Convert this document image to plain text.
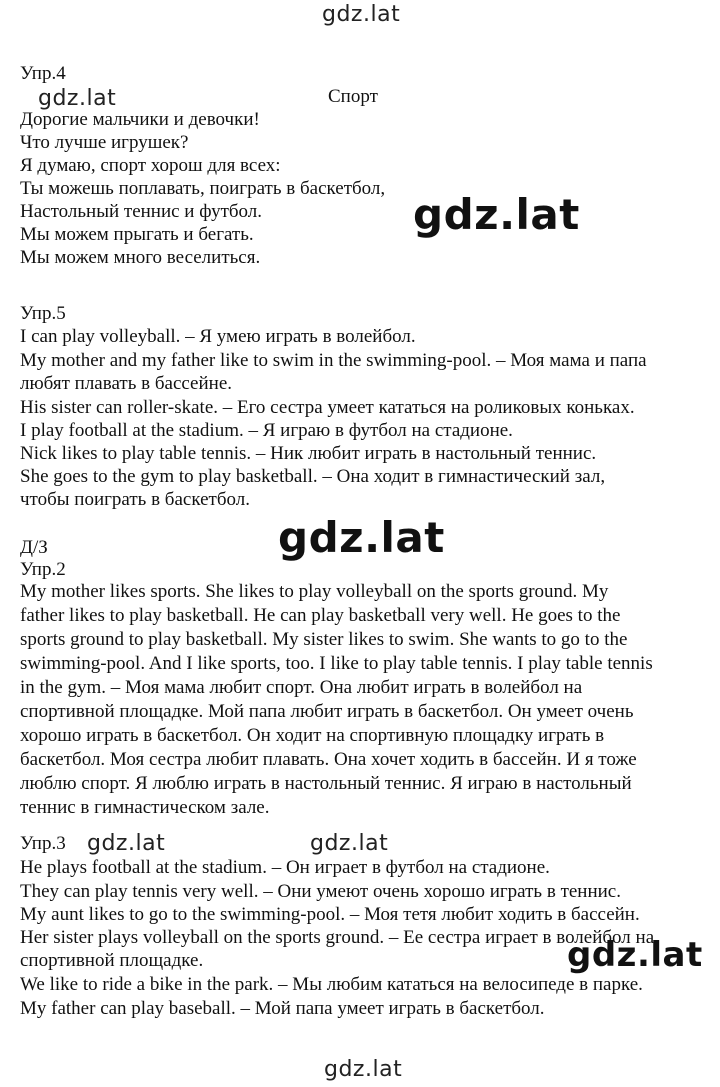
gdz.lat
gdz.lat
gdz.lat
gdz.lat
gdz.lat	gdz.lat
gdz.lat
gdz.lat
Упр.4
Спорт
Дорогие мальчики и девочки!
Что лучше игрушек?
Я думаю, спорт хорош для всех:
Ты можешь поплавать, поиграть в баскетбол,
Настольный теннис и футбол.
Мы можем прыгать и бегать.
Мы можем много веселиться.
Упр.5
I can play volleyball. – Я умею играть в волейбол.
My mother and my father like to swim in the swimming-pool. – Моя мама и папа
любят плавать в бассейне.
His sister can roller-skate. – Его сестра умеет кататься на роликовых коньках.
I play football at the stadium. – Я играю в футбол на стадионе.
Nick likes to play table tennis. – Ник любит играть в настольный теннис.
She goes to the gym to play basketball. – Она ходит в гимнастический зал,
чтобы поиграть в баскетбол.
Д/З
Упр.2
My mother likes sports. She likes to play volleyball on the sports ground. My
father likes to play basketball. He can play basketball very well. He goes to the
sports ground to play basketball. My sister likes to swim. She wants to go to the
swimming-pool. And I like sports, too. I like to play table tennis. I play table tennis
in the gym. – Моя мама любит спорт. Она любит играть в волейбол на
спортивной площадке. Мой папа любит играть в баскетбол. Он умеет очень
хорошо играть в баскетбол. Он ходит на спортивную площадку играть в
баскетбол. Моя сестра любит плавать. Она хочет ходить в бассейн. И я тоже
люблю спорт. Я люблю играть в настольный теннис. Я играю в настольный
теннис в гимнастическом зале.
Упр.3
He plays football at the stadium. – Он играет в футбол на стадионе.
They can play tennis very well. – Они умеют очень хорошо играть в теннис.
My aunt likes to go to the swimming-pool. – Моя тетя любит ходить в бассейн.
Her sister plays volleyball on the sports ground. – Ее сестра играет в волейбол на
спортивной площадке.
We like to ride a bike in the park. – Мы любим кататься на велосипеде в парке.
My father can play baseball. – Мой папа умеет играть в баскетбол.
